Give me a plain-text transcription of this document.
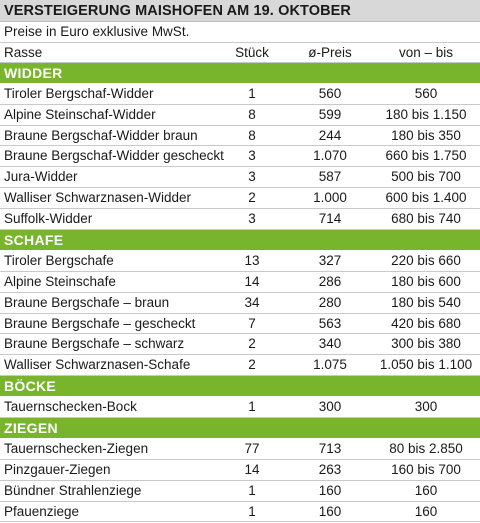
VERSTEIGERUNG MAISHOFEN AM 19. OKTOBER
Preise in Euro exklusive MwSt.
Rasse	Stück	ø-Preis	von – bis
WIDDER
Tiroler Bergschaf-Widder	1	560	560
Alpine Steinschaf-Widder	8	599	180 bis 1.150
Braune Bergschaf-Widder braun	8	244	180 bis 350
Braune Bergschaf-Widder gescheckt	3	1.070	660 bis 1.750
Jura-Widder	3	587	500 bis 700
Walliser Schwarznasen-Widder	2	1.000	600 bis 1.400
Suffolk-Widder	3	714	680 bis 740
SCHAFE
Tiroler Bergschafe	13	327	220 bis 660
Alpine Steinschafe	14	286	180 bis 600
Braune Bergschafe – braun	34	280	180 bis 540
Braune Bergschafe – gescheckt	7	563	420 bis 680
Braune Bergschafe – schwarz	2	340	300 bis 380
Walliser Schwarznasen-Schafe	2	1.075	1.050 bis 1.100
BÖCKE
Tauernschecken-Bock	1	300	300
ZIEGEN
Tauernschecken-Ziegen	77	713	80 bis 2.850
Pinzgauer-Ziegen	14	263	160 bis 700
Bündner Strahlenziege	1	160	160
Pfauenziege	1	160	160
